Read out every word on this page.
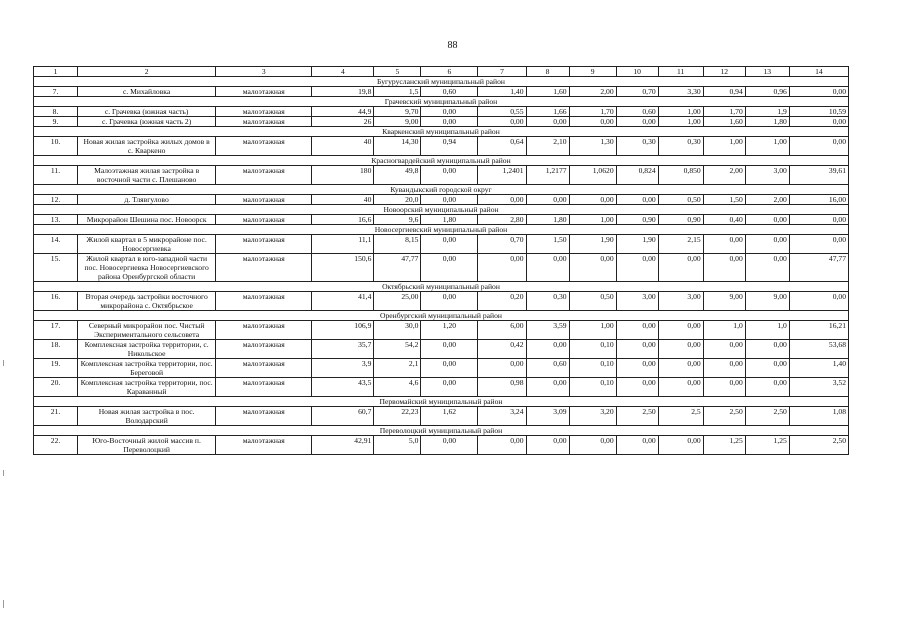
88
1	2	3	4	5	6	7	8	9	10	11	12	13	14
Бугурусланский муниципальный район													
7.	с. Михайловка	малоэтажная	19,8	1,5	0,60	1,40	1,60	2,00	0,70	3,30	0,94	0,96	0,00
Грачевский муниципальный район													
8.	с. Грачевка (южная часть)	малоэтажная	44,9	9,70	0,00	0,55	1,66	1,70	0,60	1,00	1,70	1,9	10,59
9.	с. Грачевка (южная часть 2)	малоэтажная	26	9,00	0,00	0,00	0,00	0,00	0,00	1,00	1,60	1,80	0,00
Кваркенский муниципальный район													
10.	Новая жилая застройка жилых домов в с. Кваркено	малоэтажная	40	14,30	0,94	0,64	2,10	1,30	0,30	0,30	1,00	1,00	0,00
Красногвардейский муниципальный район													
11.	Малоэтажная жилая застройка в восточной части с. Плешаново	малоэтажная	180	49,8	0,00	1,2401	1,2177	1,0620	0,824	0,850	2,00	3,00	39,61
Кувандыкский городской округ													
12.	д. Тлявгулово	малоэтажная	40	20,0	0,00	0,00	0,00	0,00	0,00	0,50	1,50	2,00	16,00
Новоорский муниципальный район													
13.	Микрорайон Шешина пос. Новоорск	малоэтажная	16,6	9,6	1,80	2,80	1,80	1,00	0,90	0,90	0,40	0,00	0,00
Новосергиевский муниципальный район													
14.	Жилой квартал в 5 микрорайоне пос. Новосергиевка	малоэтажная	11,1	8,15	0,00	0,70	1,50	1,90	1,90	2,15	0,00	0,00	0,00
15.	Жилой квартал в юго-западной части пос. Новосергиевка Новосергиевского района Оренбургской области	малоэтажная	150,6	47,77	0,00	0,00	0,00	0,00	0,00	0,00	0,00	0,00	47,77
Октябрьский муниципальный район													
16.	Вторая очередь застройки восточного микрорайона с. Октябрьское	малоэтажная	41,4	25,00	0,00	0,20	0,30	0,50	3,00	3,00	9,00	9,00	0,00
Оренбургский муниципальный район													
17.	Северный микрорайон пос. Чистый Экспериментального сельсовета	малоэтажная	106,9	30,0	1,20	6,00	3,59	1,00	0,00	0,00	1,0	1,0	16,21
18.	Комплексная застройка территории, с. Никольское	малоэтажная	35,7	54,2	0,00	0,42	0,00	0,10	0,00	0,00	0,00	0,00	53,68
19.	Комплексная застройка территории, пос. Береговой	малоэтажная	3,9	2,1	0,00	0,00	0,60	0,10	0,00	0,00	0,00	0,00	1,40
20.	Комплексная застройка территории, пос. Караванный	малоэтажная	43,5	4,6	0,00	0,98	0,00	0,10	0,00	0,00	0,00	0,00	3,52
Первомайский муниципальный район													
21.	Новая жилая застройка в пос. Володарский	малоэтажная	60,7	22,23	1,62	3,24	3,09	3,20	2,50	2,5	2,50	2,50	1,08
Переволоцкий муниципальный район													
22.	Юго-Восточный жилой массив п. Переволоцкий	малоэтажная	42,91	5,0	0,00	0,00	0,00	0,00	0,00	0,00	1,25	1,25	2,50
